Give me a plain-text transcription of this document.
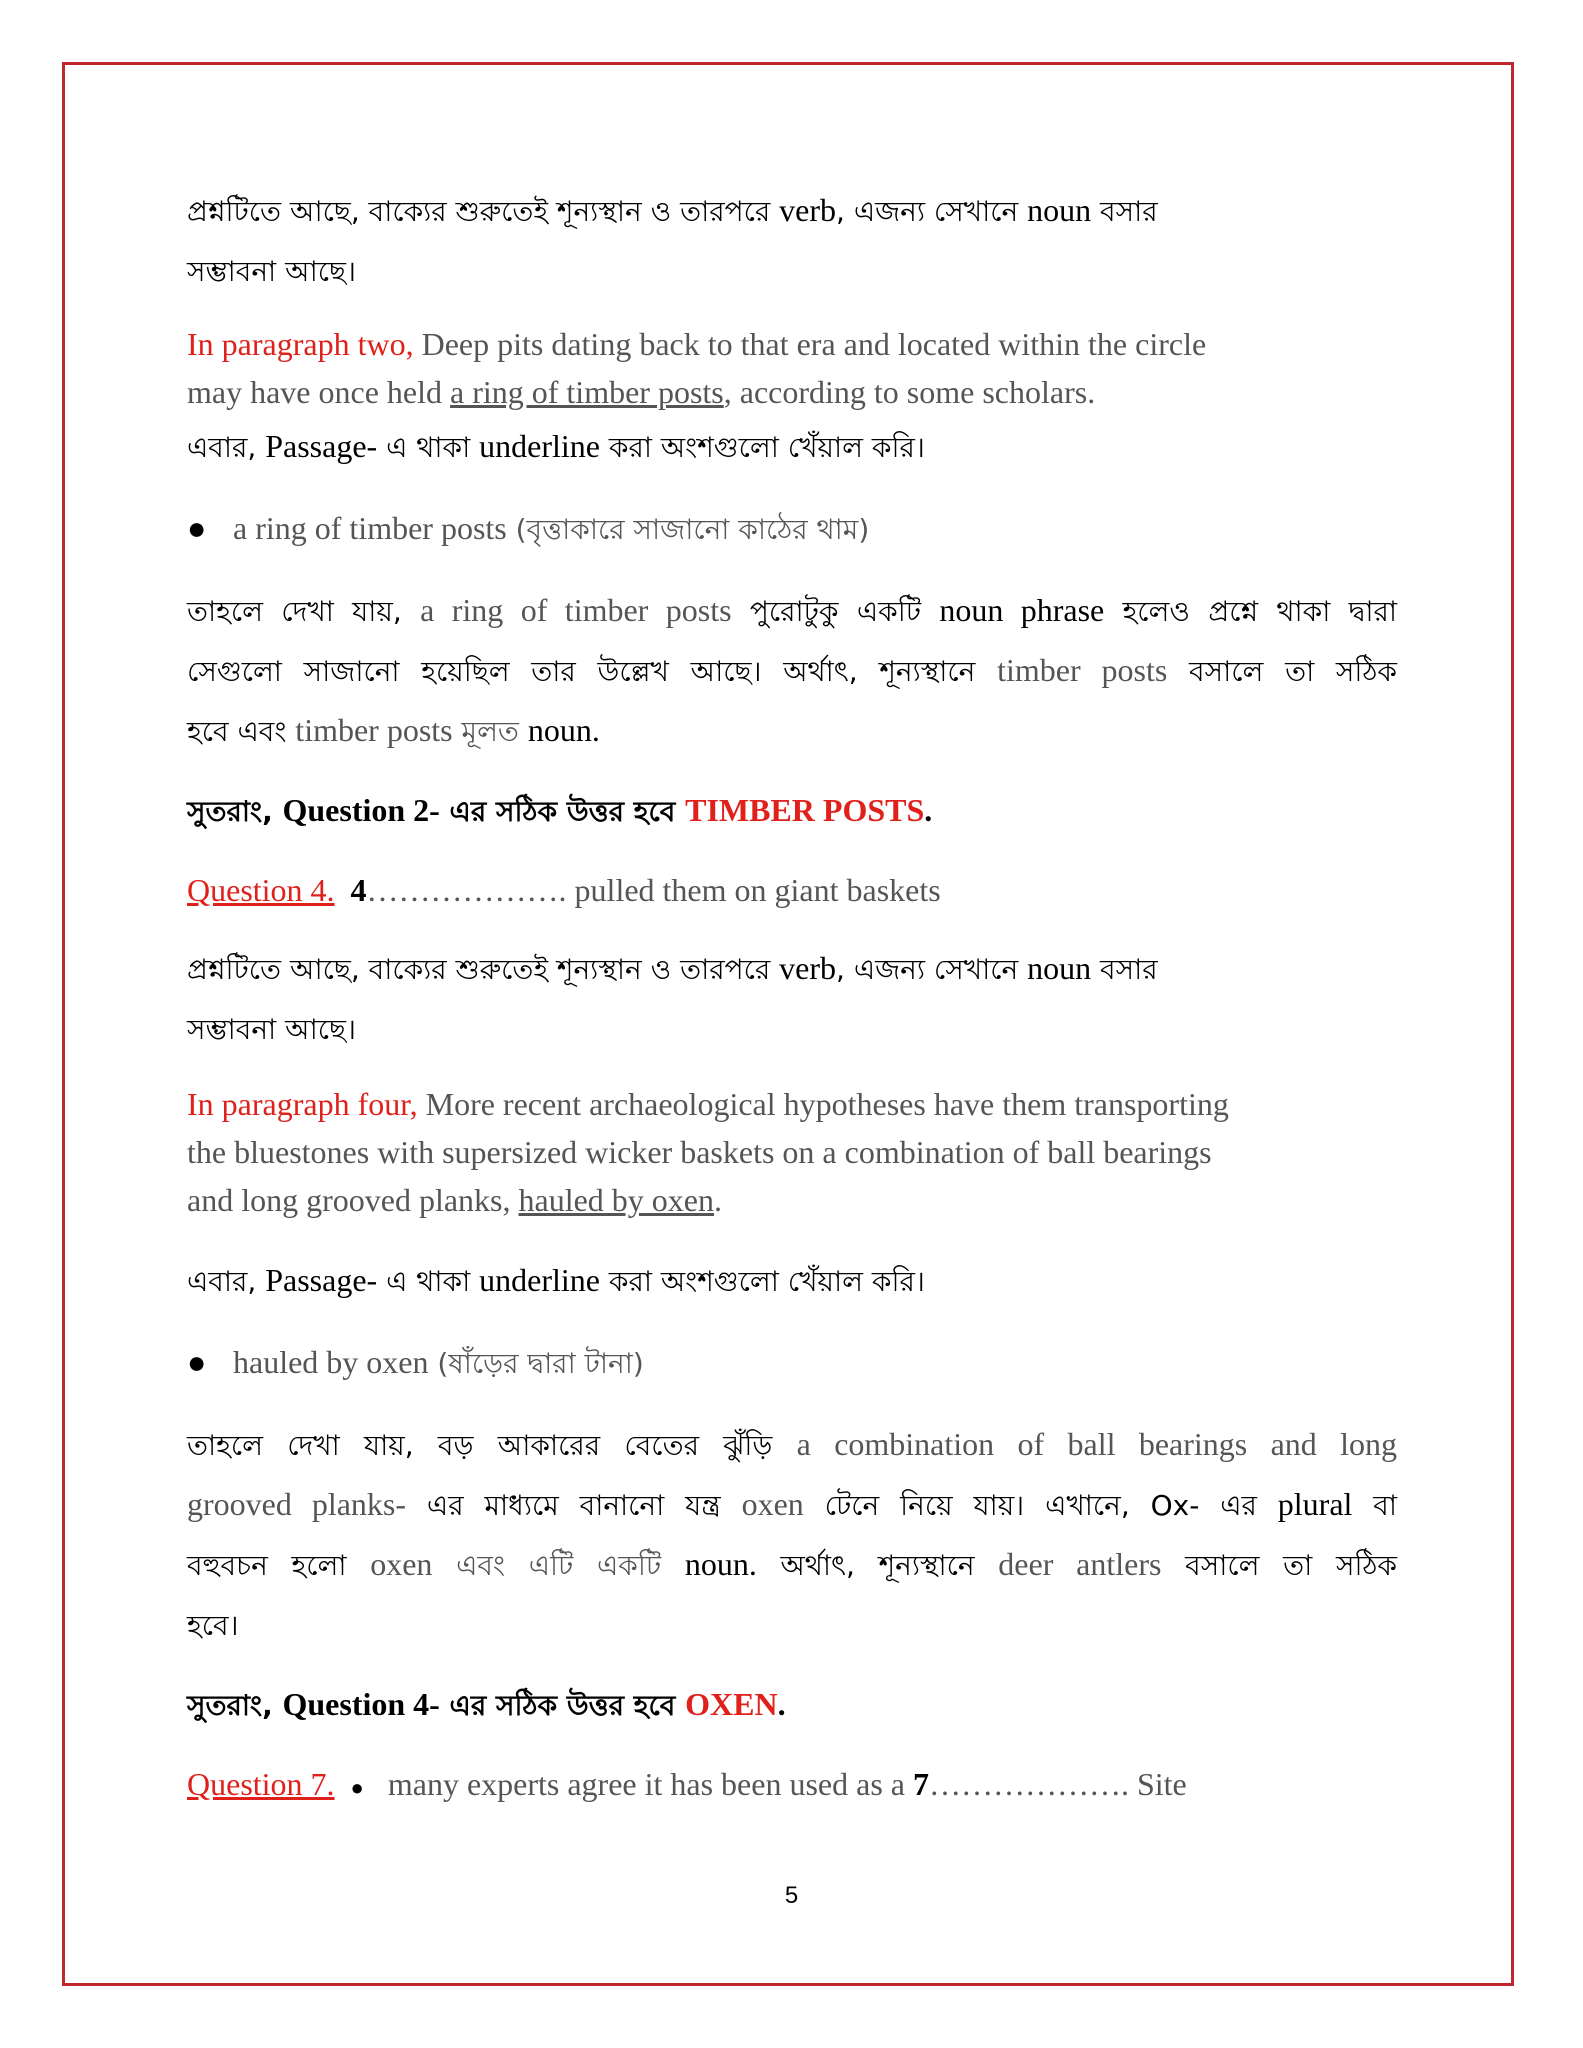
প্রশ্নটিতে আছে, বাক্যের শুরুতেই শূন্যস্থান ও তারপরে verb, এজন্য সেখানে noun বসার
সম্ভাবনা আছে।
In paragraph two, Deep pits dating back to that era and located within the circle
may have once held a ring of timber posts, according to some scholars.
এবার, Passage- এ থাকা underline করা অংশগুলো খেঁয়াল করি।
● a ring of timber posts (বৃত্তাকারে সাজানো কাঠের থাম)
তাহলে দেখা যায়, a ring of timber posts পুরোটুকু একটি noun phrase হলেও প্রশ্নে থাকা দ্বারা
সেগুলো সাজানো হয়েছিল তার উল্লেখ আছে। অর্থাৎ, শূন্যস্থানে timber posts বসালে তা সঠিক
হবে এবং timber posts মূলত noun.
সুতরাং, Question 2- এর সঠিক উত্তর হবে TIMBER POSTS.
Question 4. 4………………. pulled them on giant baskets
প্রশ্নটিতে আছে, বাক্যের শুরুতেই শূন্যস্থান ও তারপরে verb, এজন্য সেখানে noun বসার
সম্ভাবনা আছে।
In paragraph four, More recent archaeological hypotheses have them transporting
the bluestones with supersized wicker baskets on a combination of ball bearings
and long grooved planks, hauled by oxen.
এবার, Passage- এ থাকা underline করা অংশগুলো খেঁয়াল করি।
● hauled by oxen (ষাঁড়ের দ্বারা টানা)
তাহলে দেখা যায়, বড় আকারের বেতের ঝুঁড়ি a combination of ball bearings and long
grooved planks- এর মাধ্যমে বানানো যন্ত্র oxen টেনে নিয়ে যায়। এখানে, Ox- এর plural বা
বহুবচন হলো oxen এবং এটি একটি noun. অর্থাৎ, শূন্যস্থানে deer antlers বসালে তা সঠিক
হবে।
সুতরাং, Question 4- এর সঠিক উত্তর হবে OXEN.
Question 7. ● many experts agree it has been used as a 7………………. Site
5
